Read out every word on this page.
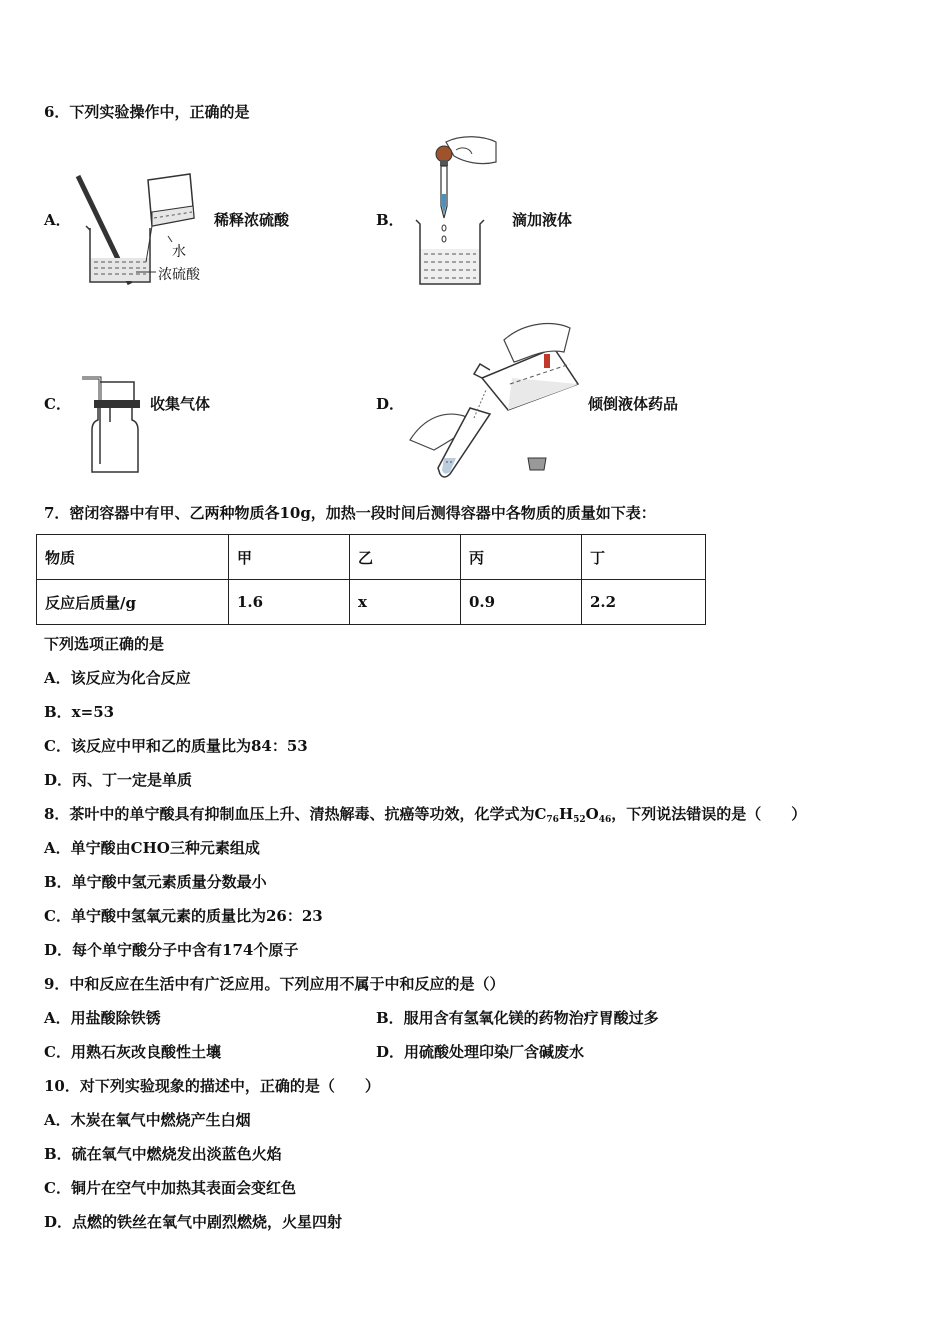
6．下列实验操作中，正确的是
A．
水
浓硫酸
稀释浓硫酸	B．	滴加液体
C．	收集气体	D．	倾倒液体药品
7．密闭容器中有甲、乙两种物质各10g，加热一段时间后测得容器中各物质的质量如下表：
物质	甲	乙	丙	丁
反应后质量/g	1.6	x	0.9	2.2
下列选项正确的是
A．该反应为化合反应
B．x=53
C．该反应中甲和乙的质量比为84：53
D．丙、丁一定是单质
8．茶叶中的单宁酸具有抑制血压上升、清热解毒、抗癌等功效，化学式为$C_{76}H_{52}O_{46}$，下列说法错误的是（　　）
A．单宁酸由CHO三种元素组成
B．单宁酸中氢元素质量分数最小
C．单宁酸中氢氧元素的质量比为26：23
D．每个单宁酸分子中含有174个原子
9．中和反应在生活中有广泛应用。下列应用不属于中和反应的是（）
A．用盐酸除铁锈	B．服用含有氢氧化镁的药物治疗胃酸过多
C．用熟石灰改良酸性土壤	D．用硫酸处理印染厂含碱废水
10．对下列实验现象的描述中，正确的是（　　）
A．木炭在氧气中燃烧产生白烟
B．硫在氧气中燃烧发出淡蓝色火焰
C．铜片在空气中加热其表面会变红色
D．点燃的铁丝在氧气中剧烈燃烧，火星四射
